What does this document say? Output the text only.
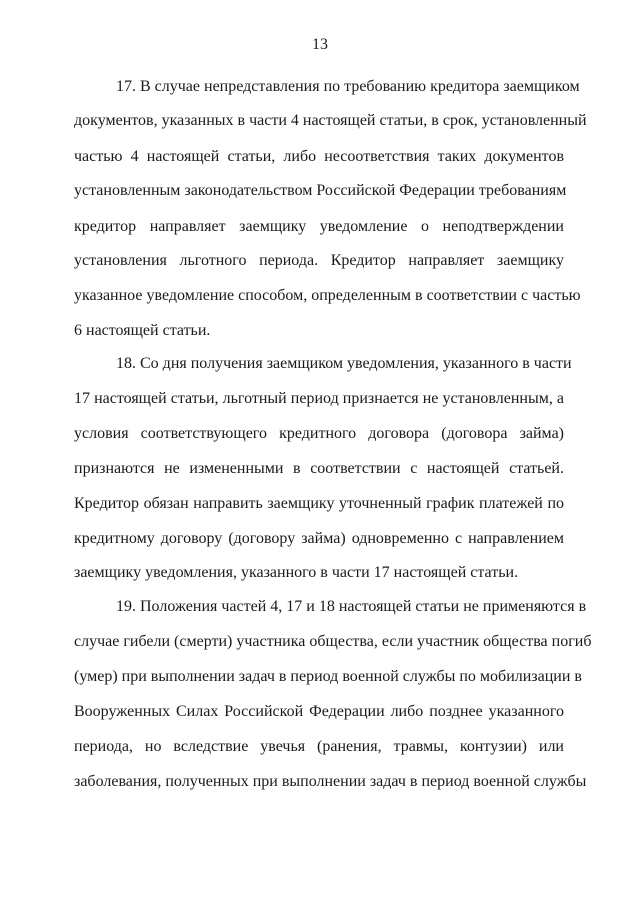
13
17. В случае непредставления по требованию кредитора заемщиком
документов, указанных в части 4 настоящей статьи, в срок, установленный
частью 4 настоящей статьи, либо несоответствия таких документов
установленным законодательством Российской Федерации требованиям
кредитор направляет заемщику уведомление о неподтверждении
установления льготного периода. Кредитор направляет заемщику
указанное уведомление способом, определенным в соответствии с частью
6 настоящей статьи.
18. Со дня получения заемщиком уведомления, указанного в части
17 настоящей статьи, льготный период признается не установленным, а
условия соответствующего кредитного договора (договора займа)
признаются не измененными в соответствии с настоящей статьей.
Кредитор обязан направить заемщику уточненный график платежей по
кредитному договору (договору займа) одновременно с направлением
заемщику уведомления, указанного в части 17 настоящей статьи.
19. Положения частей 4, 17 и 18 настоящей статьи не применяются в
случае гибели (смерти) участника общества, если участник общества погиб
(умер) при выполнении задач в период военной службы по мобилизации в
Вооруженных Силах Российской Федерации либо позднее указанного
периода, но вследствие увечья (ранения, травмы, контузии) или
заболевания, полученных при выполнении задач в период военной службы
